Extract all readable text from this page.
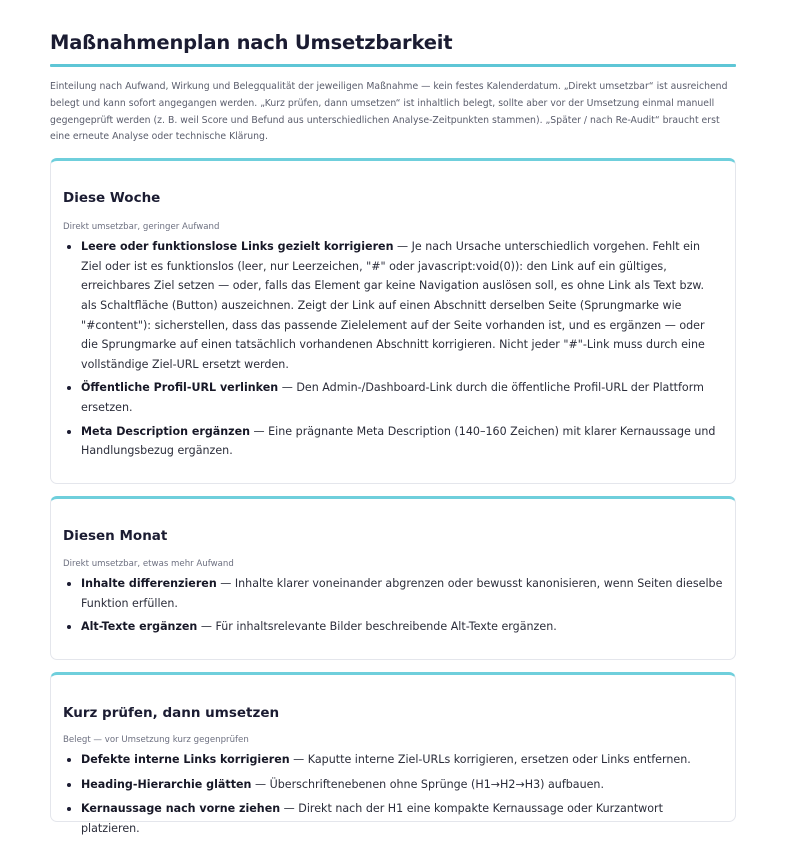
Maßnahmenplan nach Umsetzbarkeit

Einteilung nach Aufwand, Wirkung und Belegqualität der jeweiligen Maßnahme — kein festes Kalenderdatum. „Direkt umsetzbar“ ist ausreichend belegt und kann sofort angegangen werden. „Kurz prüfen, dann umsetzen“ ist inhaltlich belegt, sollte aber vor der Umsetzung einmal manuell gegengeprüft werden (z. B. weil Score und Befund aus unterschiedlichen Analyse-Zeitpunkten stammen). „Später / nach Re-Audit“ braucht erst eine erneute Analyse oder technische Klärung.

Diese Woche
Direkt umsetzbar, geringer Aufwand
• Leere oder funktionslose Links gezielt korrigieren — Je nach Ursache unterschiedlich vorgehen. Fehlt ein Ziel oder ist es funktionslos (leer, nur Leerzeichen, "#" oder javascript:void(0)): den Link auf ein gültiges, erreichbares Ziel setzen — oder, falls das Element gar keine Navigation auslösen soll, es ohne Link als Text bzw. als Schaltfläche (Button) auszeichnen. Zeigt der Link auf einen Abschnitt derselben Seite (Sprungmarke wie "#content"): sicherstellen, dass das passende Zielelement auf der Seite vorhanden ist, und es ergänzen — oder die Sprungmarke auf einen tatsächlich vorhandenen Abschnitt korrigieren. Nicht jeder "#"-Link muss durch eine vollständige Ziel-URL ersetzt werden.
• Öffentliche Profil-URL verlinken — Den Admin-/Dashboard-Link durch die öffentliche Profil-URL der Plattform ersetzen.
• Meta Description ergänzen — Eine prägnante Meta Description (140–160 Zeichen) mit klarer Kernaussage und Handlungsbezug ergänzen.
Diesen Monat
Direkt umsetzbar, etwas mehr Aufwand
• Inhalte differenzieren — Inhalte klarer voneinander abgrenzen oder bewusst kanonisieren, wenn Seiten dieselbe Funktion erfüllen.
• Alt-Texte ergänzen — Für inhaltsrelevante Bilder beschreibende Alt-Texte ergänzen.
Kurz prüfen, dann umsetzen
Belegt — vor Umsetzung kurz gegenprüfen
• Defekte interne Links korrigieren — Kaputte interne Ziel-URLs korrigieren, ersetzen oder Links entfernen.
• Heading-Hierarchie glätten — Überschriftenebenen ohne Sprünge (H1→H2→H3) aufbauen.
• Kernaussage nach vorne ziehen — Direkt nach der H1 eine kompakte Kernaussage oder Kurzantwort platzieren.
